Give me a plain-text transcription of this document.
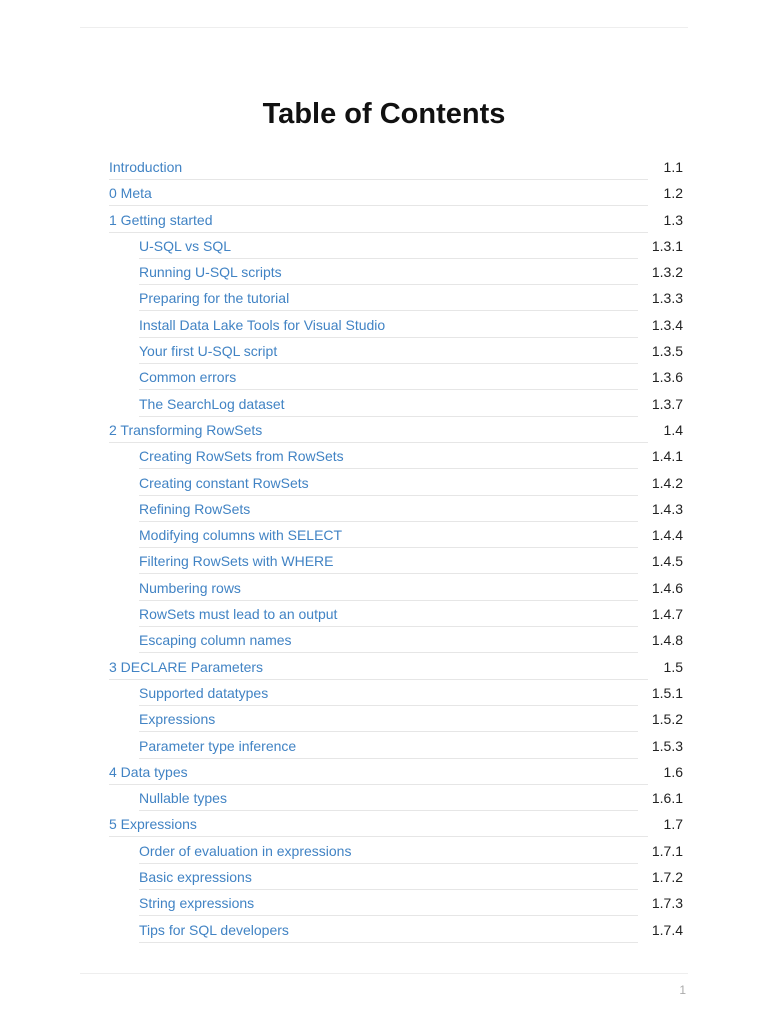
Table of Contents
Introduction	1.1
0 Meta	1.2
1 Getting started	1.3
U-SQL vs SQL	1.3.1
Running U-SQL scripts	1.3.2
Preparing for the tutorial	1.3.3
Install Data Lake Tools for Visual Studio	1.3.4
Your first U-SQL script	1.3.5
Common errors	1.3.6
The SearchLog dataset	1.3.7
2 Transforming RowSets	1.4
Creating RowSets from RowSets	1.4.1
Creating constant RowSets	1.4.2
Refining RowSets	1.4.3
Modifying columns with SELECT	1.4.4
Filtering RowSets with WHERE	1.4.5
Numbering rows	1.4.6
RowSets must lead to an output	1.4.7
Escaping column names	1.4.8
3 DECLARE Parameters	1.5
Supported datatypes	1.5.1
Expressions	1.5.2
Parameter type inference	1.5.3
4 Data types	1.6
Nullable types	1.6.1
5 Expressions	1.7
Order of evaluation in expressions	1.7.1
Basic expressions	1.7.2
String expressions	1.7.3
Tips for SQL developers	1.7.4
1
